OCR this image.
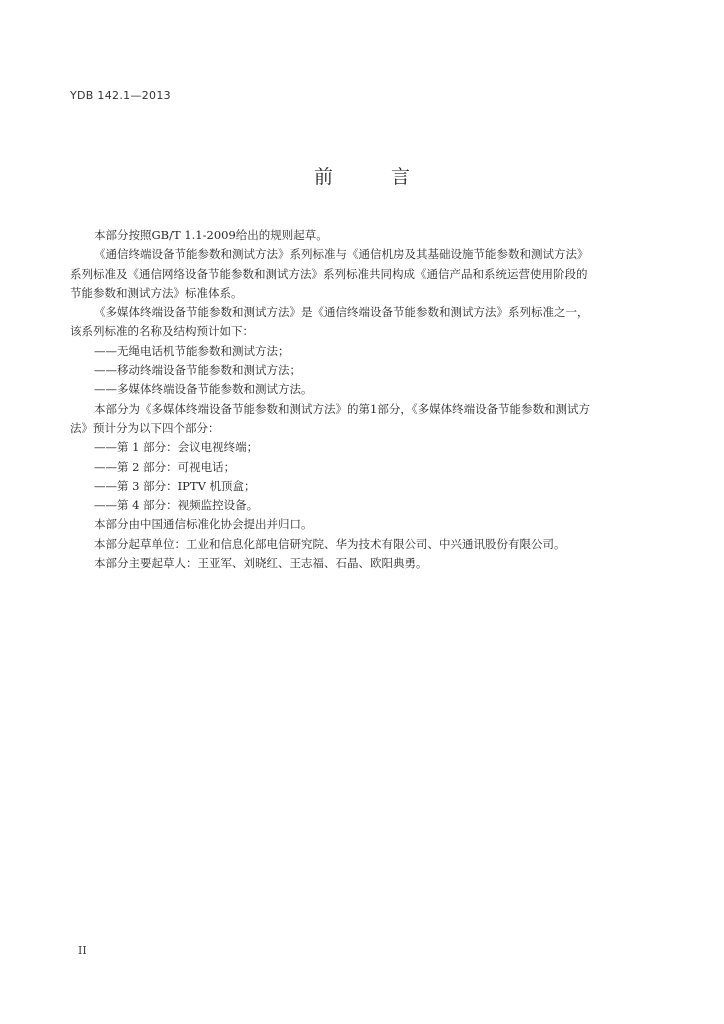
YDB 142.1—2013
前 言
本部分按照GB/T 1.1-2009给出的规则起草。
《通信终端设备节能参数和测试方法》系列标准与《通信机房及其基础设施节能参数和测试方法》
系列标准及《通信网络设备节能参数和测试方法》系列标准共同构成《通信产品和系统运营使用阶段的
节能参数和测试方法》标准体系。
《多媒体终端设备节能参数和测试方法》是《通信终端设备节能参数和测试方法》系列标准之一，
该系列标准的名称及结构预计如下：
——无绳电话机节能参数和测试方法；
——移动终端设备节能参数和测试方法；
——多媒体终端设备节能参数和测试方法。
本部分为《多媒体终端设备节能参数和测试方法》的第1部分，《多媒体终端设备节能参数和测试方
法》预计分为以下四个部分：
——第 1 部分：会议电视终端；
——第 2 部分：可视电话；
——第 3 部分：IPTV 机顶盒；
——第 4 部分：视频监控设备。
本部分由中国通信标准化协会提出并归口。
本部分起草单位：工业和信息化部电信研究院、华为技术有限公司、中兴通讯股份有限公司。
本部分主要起草人：王亚军、刘晓红、王志福、石晶、欧阳典勇。
II
